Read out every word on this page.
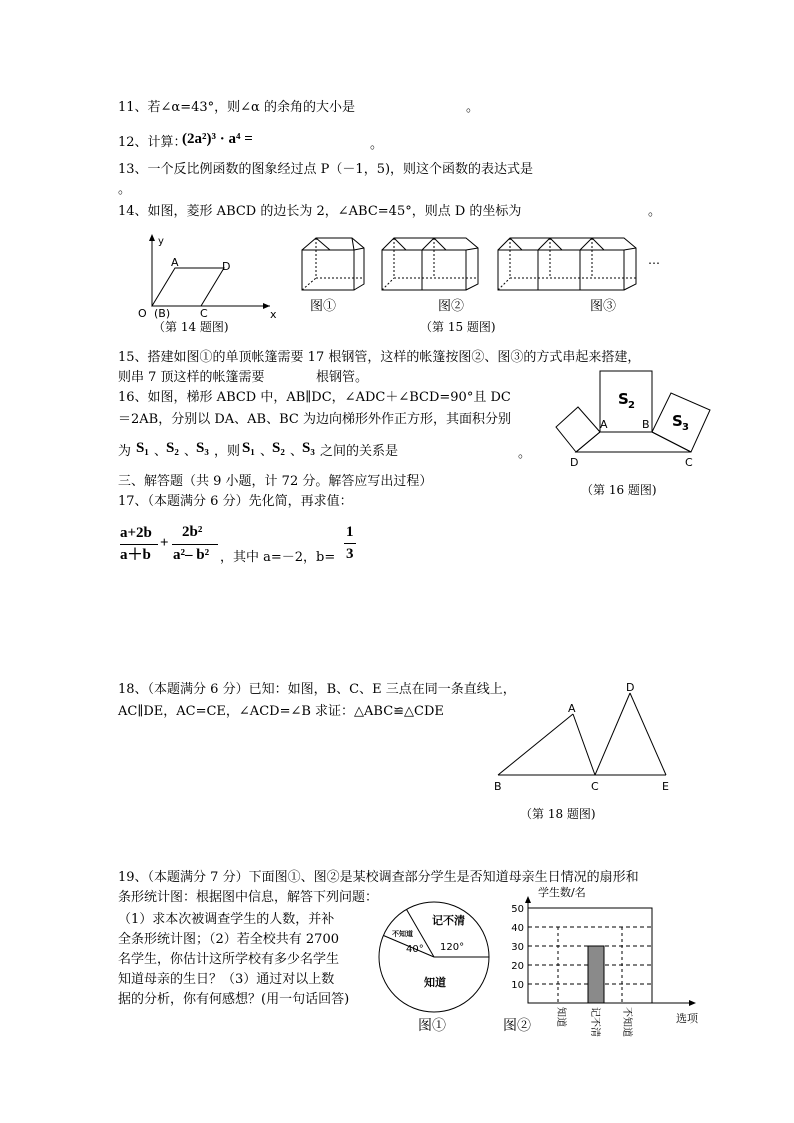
11、若∠α=43°，则∠α 的余角的大小是	。
12、计算：
(2a²)³ · a⁴ =	。
13、一个反比例函数的图象经过点 P（－1，5)，则这个函数的表达式是
。
14、如图，菱形 ABCD 的边长为 2，∠ABC=45°，则点 D 的坐标为	。
y
x
O (B)	C
A	D
（第 14 题图)
…
图①	图②	图③
（第 15 题图)
15、搭建如图①的单顶帐篷需要 17 根钢管，这样的帐篷按图②、图③的方式串起来搭建，
则串 7 顶这样的帐篷需要	根钢管。
16、如图，梯形 ABCD 中，AB∥DC，∠ADC＋∠BCD=90°且 DC
＝2AB，分别以 DA、AB、BC 为边向梯形外作正方形，其面积分别
为 S₁ 、
S₂ 、
S₃ ，则 S₁ 、
S₂ 、
S₃ 之间的关系是	。
S 2
S 3
A	B
D	C
（第 16 题图)
三、解答题（共 9 小题，计 72 分。解答应写出过程）
17、（本题满分 6 分）先化简，再求值：
a+2b
a＋b
+
2b²
a²– b² ，其中 a=－2，b=
1
3
18、（本题满分 6 分）已知：如图，B、C、E 三点在同一条直线上，
AC∥DE，AC=CE，∠ACD=∠B 求证：△ABC≌△CDE	A
D
B	C	E
（第 18 题图)
19、（本题满分 7 分）下面图①、图②是某校调查部分学生是否知道母亲生日情况的扇形和
条形统计图：根据图中信息，解答下列问题：
（1）求本次被调查学生的人数，并补
全条形统计图；（2）若全校共有 2700
名学生，你估计这所学校有多少名学生
知道母亲的生日？（3）通过对以上数
据的分析，你有何感想？(用一句话回答)
记不清
不知道
40° 120°
知道
图①
学生数/名
10
20
30
40
50
知道 记不清 不知道	选项
图②
